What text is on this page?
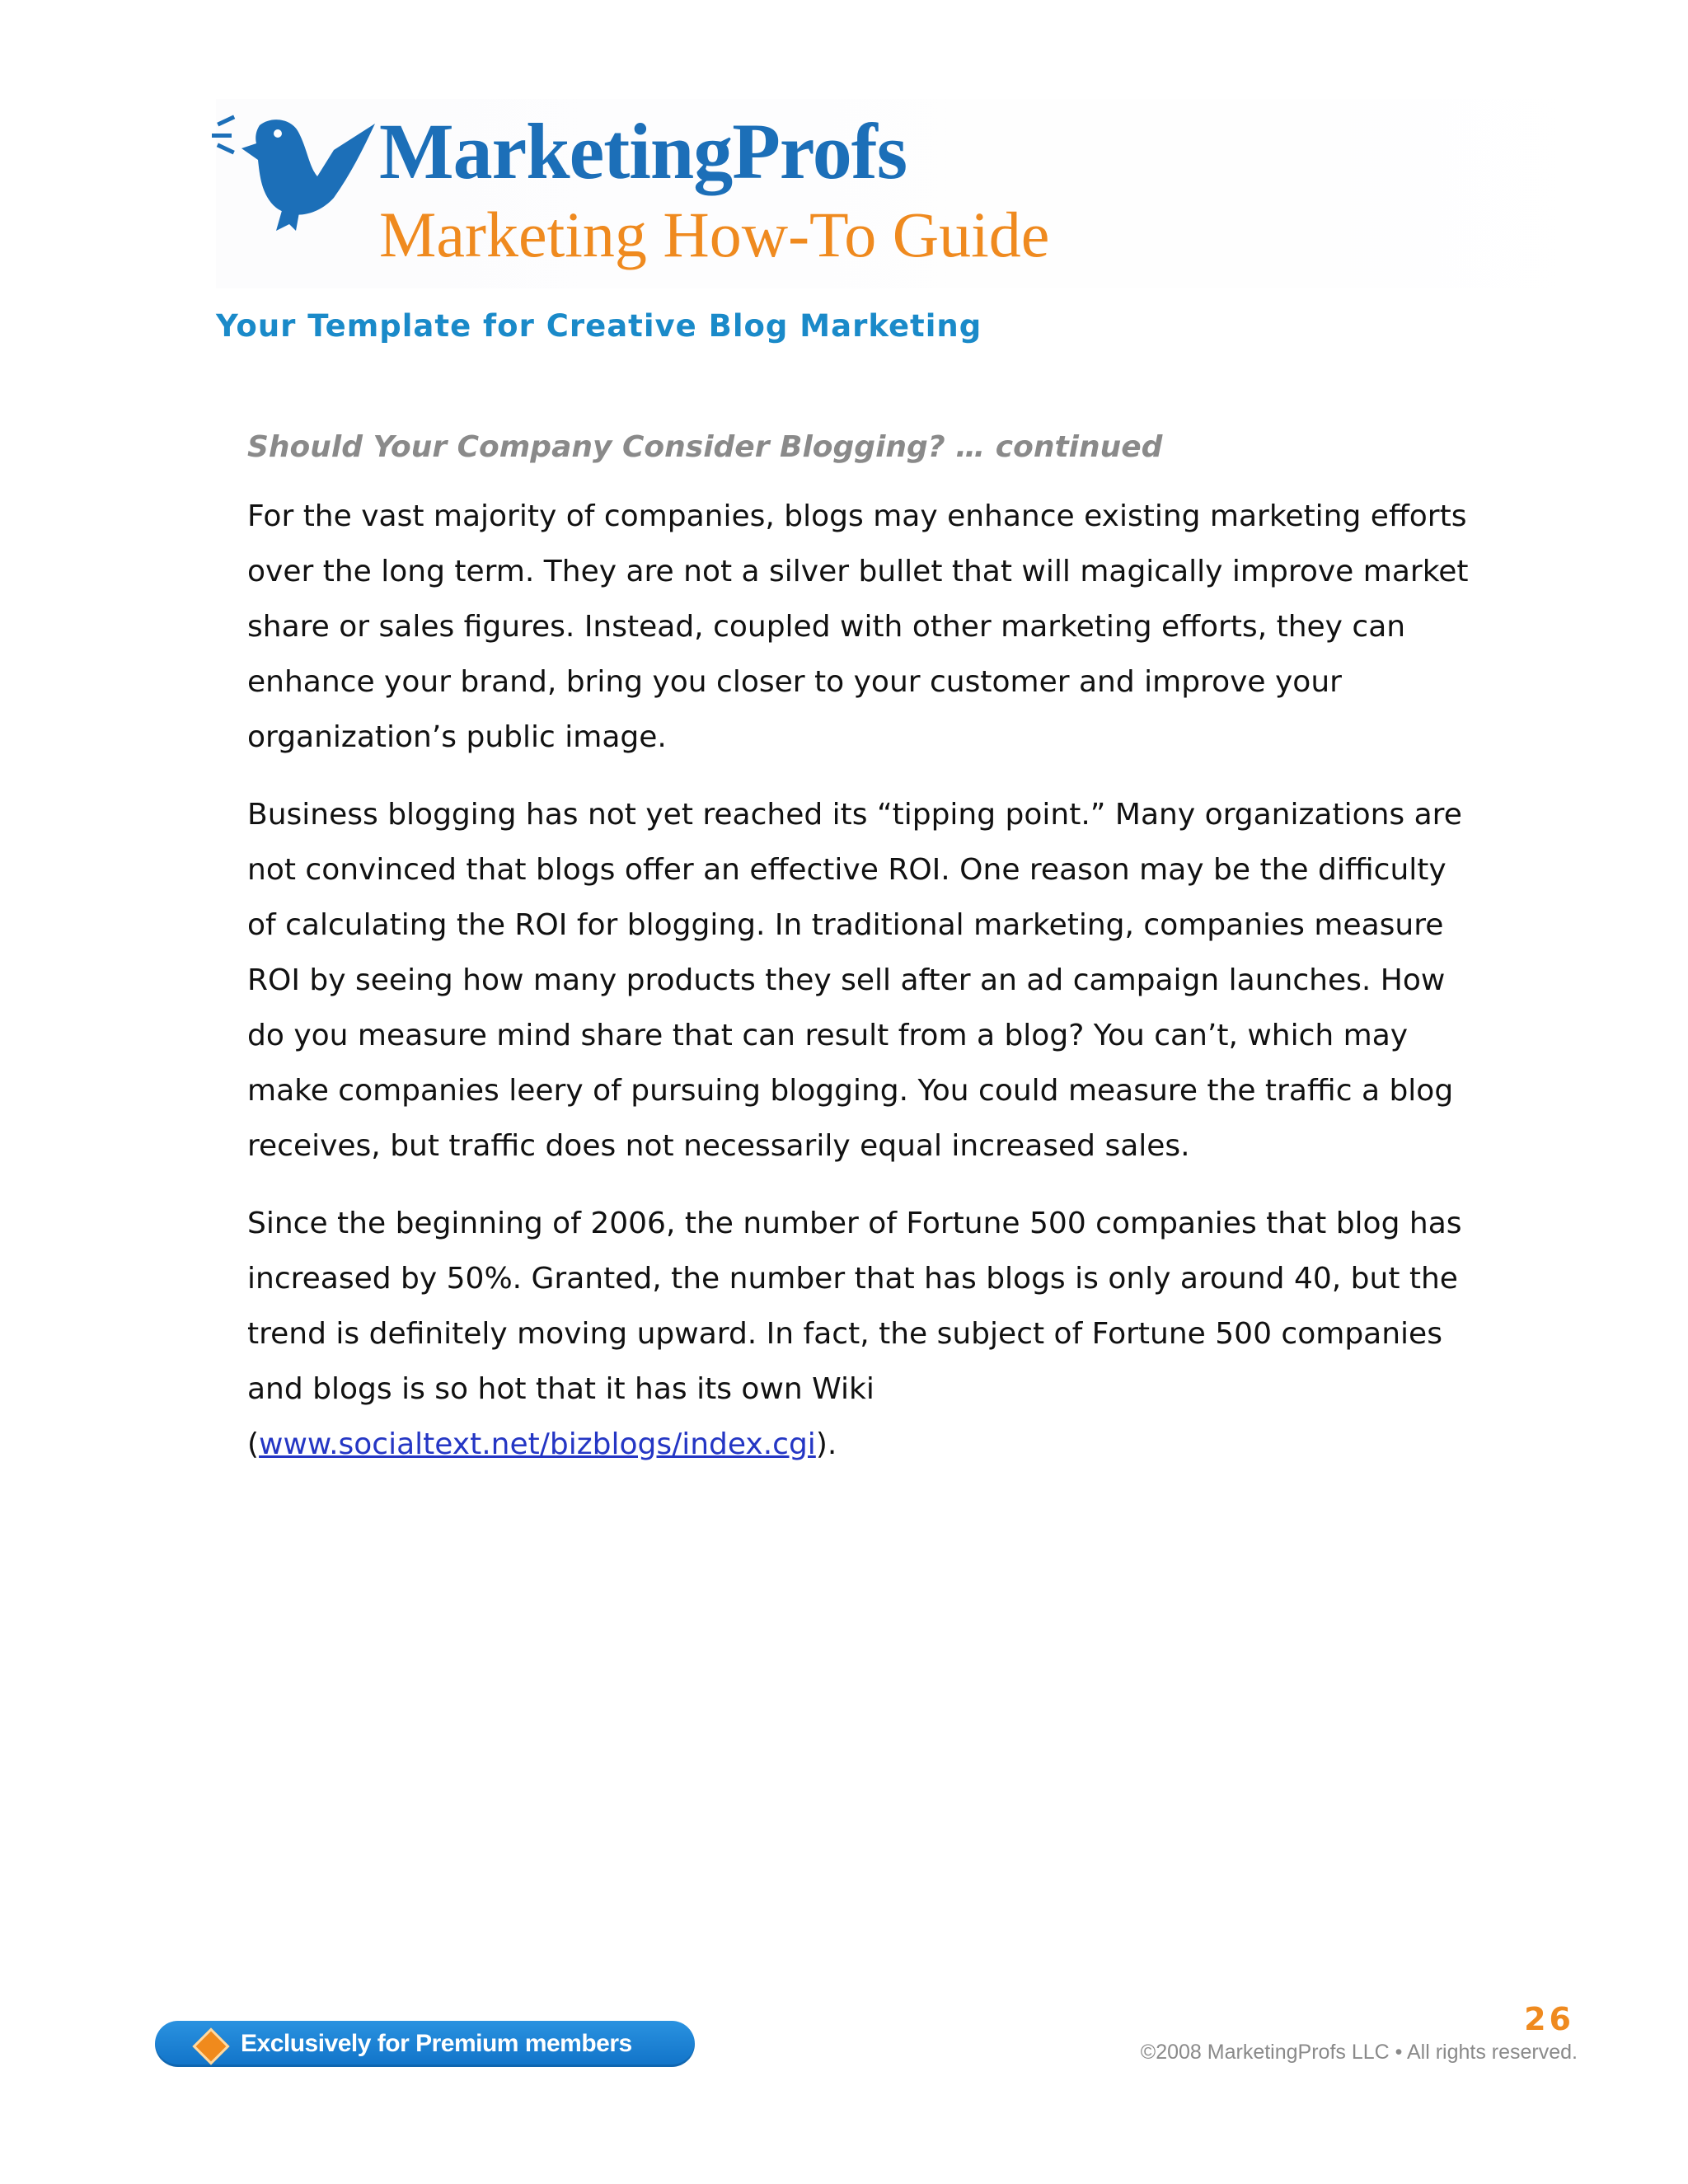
MarketingProfs
Marketing How-To Guide
Your Template for Creative Blog Marketing
Should Your Company Consider Blogging? … continued

For the vast majority of companies, blogs may enhance existing marketing efforts over the long term. They are not a silver bullet that will magically improve market share or sales figures. Instead, coupled with other marketing efforts, they can enhance your brand, bring you closer to your customer and improve your organization’s public image.

Business blogging has not yet reached its “tipping point.” Many organizations are not convinced that blogs offer an effective ROI. One reason may be the difficulty of calculating the ROI for blogging. In traditional marketing, companies measure ROI by seeing how many products they sell after an ad campaign launches. How do you measure mind share that can result from a blog? You can’t, which may make companies leery of pursuing blogging. You could measure the traffic a blog receives, but traffic does not necessarily equal increased sales.

Since the beginning of 2006, the number of Fortune 500 companies that blog has increased by 50%. Granted, the number that has blogs is only around 40, but the trend is definitely moving upward. In fact, the subject of Fortune 500 companies and blogs is so hot that it has its own Wiki
(www.socialtext.net/bizblogs/index.cgi).

Exclusively for Premium members
26
©2008 MarketingProfs LLC • All rights reserved.
